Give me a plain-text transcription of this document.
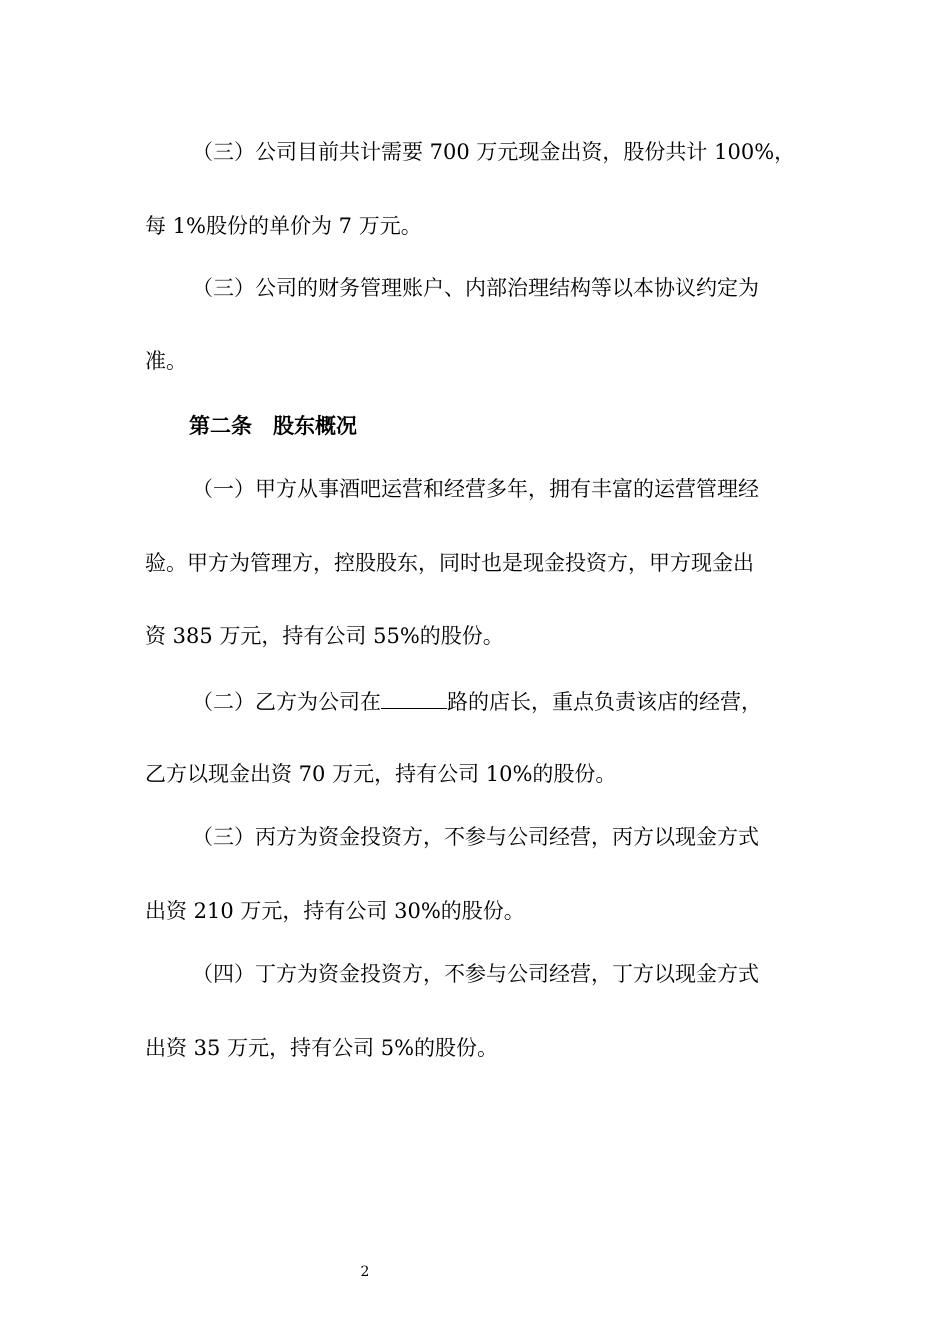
（三）公司目前共计需要 700 万元现金出资，股份共计 100%，

每 1%股份的单价为 7 万元。

（三）公司的财务管理账户、内部治理结构等以本协议约定为

准。

第二条　股东概况

（一）甲方从事酒吧运营和经营多年，拥有丰富的运营管理经

验。甲方为管理方，控股股东，同时也是现金投资方，甲方现金出

资 385 万元，持有公司 55%的股份。

（二）乙方为公司在	路的店长，重点负责该店的经营，

乙方以现金出资 70 万元，持有公司 10%的股份。

（三）丙方为资金投资方，不参与公司经营，丙方以现金方式

出资 210 万元，持有公司 30%的股份。

（四）丁方为资金投资方，不参与公司经营，丁方以现金方式

出资 35 万元，持有公司 5%的股份。

2
